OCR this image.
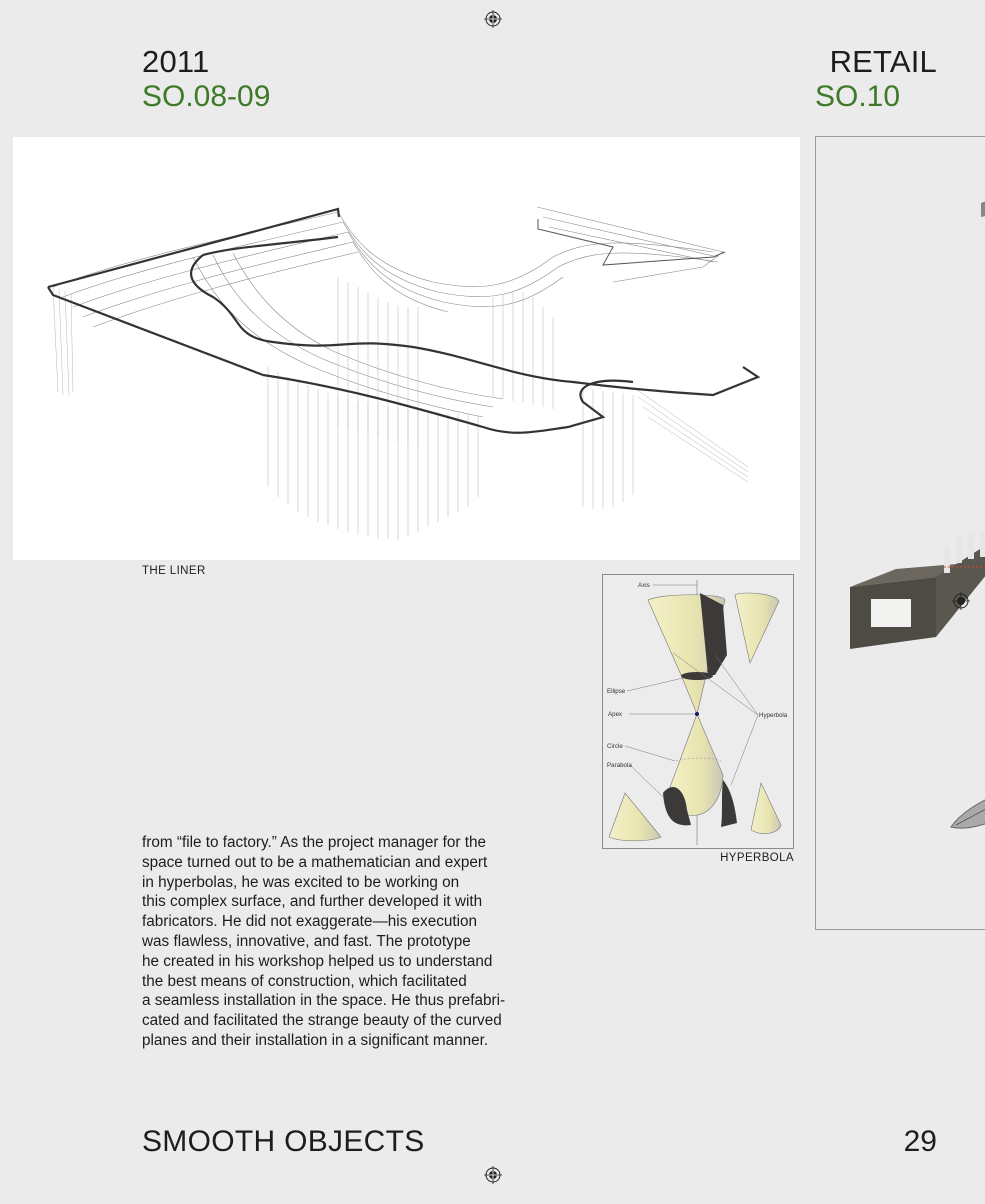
2011
SO.08-09
RETAIL
SO.10
THE LINER
Axis
Ellipse
Apex
Circle
Parabola
Hyperbola
HYPERBOLA

from “file to factory.” As the project manager for the

space turned out to be a mathematician and expert

in hyperbolas, he was excited to be working on

this complex surface, and further developed it with

fabricators. He did not exaggerate—his execution

was flawless, innovative, and fast. The prototype

he created in his workshop helped us to understand

the best means of construction, which facilitated

a seamless installation in the space. He thus prefabri-

cated and facilitated the strange beauty of the curved

planes and their installation in a significant manner.

SMOOTH OBJECTS	29
